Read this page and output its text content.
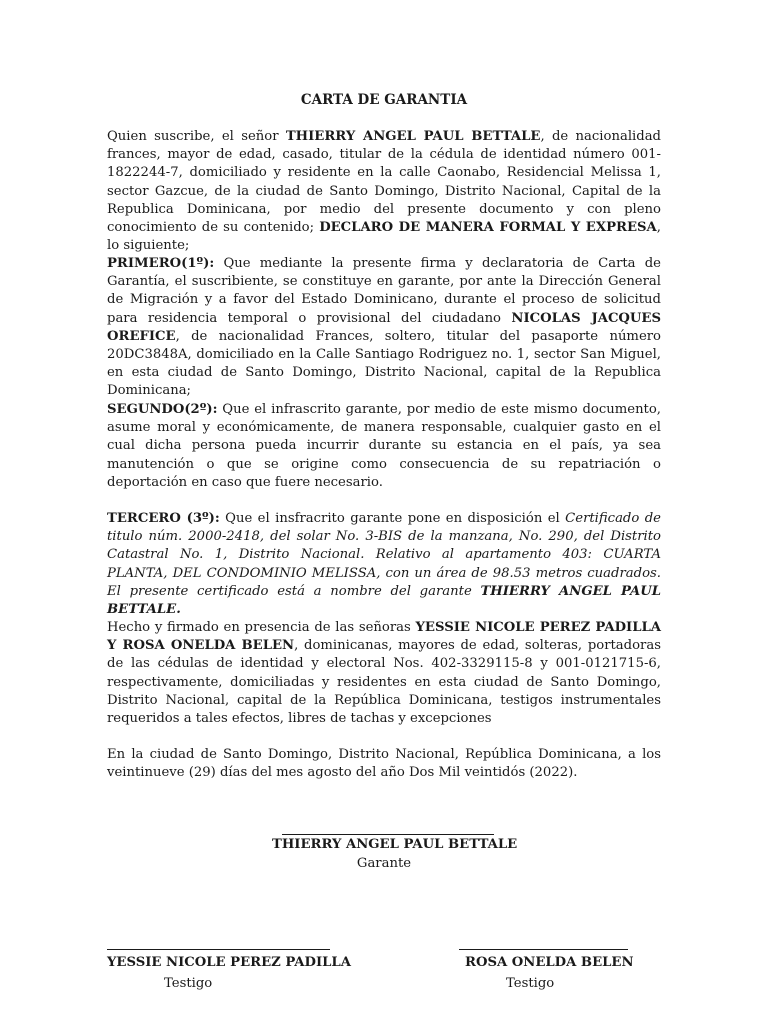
CARTA DE GARANTIA

Quien suscribe, el señor THIERRY ANGEL PAUL BETTALE, de nacionalidad frances, mayor de edad, casado, titular de la cédula de identidad número 001-1822244-7, domiciliado y residente en la calle Caonabo, Residencial Melissa 1, sector Gazcue, de la ciudad de Santo Domingo, Distrito Nacional, Capital de la Republica Dominicana, por medio del presente documento y con pleno conocimiento de su contenido; DECLARO DE MANERA FORMAL Y EXPRESA, lo siguiente;

PRIMERO(1º): Que mediante la presente firma y declaratoria de Carta de Garantía, el suscribiente, se constituye en garante, por ante la Dirección General de Migración y a favor del Estado Dominicano, durante el proceso de solicitud para residencia temporal o provisional del ciudadano NICOLAS JACQUES OREFICE, de nacionalidad Frances, soltero, titular del pasaporte número 20DC3848A, domiciliado en la Calle Santiago Rodriguez no. 1, sector San Miguel, en esta ciudad de Santo Domingo, Distrito Nacional, capital de la Republica Dominicana;

SEGUNDO(2º): Que el infrascrito garante, por medio de este mismo documento, asume moral y económicamente, de manera responsable, cualquier gasto en el cual dicha persona pueda incurrir durante su estancia en el país, ya sea manutención o que se origine como consecuencia de su repatriación o deportación en caso que fuere necesario.

TERCERO (3º): Que el insfracrito garante pone en disposición el Certificado de titulo núm. 2000-2418, del solar No. 3-BIS de la manzana, No. 290, del Distrito Catastral No. 1, Distrito Nacional. Relativo al apartamento 403: CUARTA PLANTA, DEL CONDOMINIO MELISSA, con un área de 98.53 metros cuadrados. El presente certificado está a nombre del garante THIERRY ANGEL PAUL BETTALE.

Hecho y firmado en presencia de las señoras YESSIE NICOLE PEREZ PADILLA Y ROSA ONELDA BELEN, dominicanas, mayores de edad, solteras, portadoras de las cédulas de identidad y electoral Nos. 402-3329115-8 y 001-0121715-6, respectivamente, domiciliadas y residentes en esta ciudad de Santo Domingo, Distrito Nacional, capital de la República Dominicana, testigos instrumentales requeridos a tales efectos, libres de tachas y excepciones

En la ciudad de Santo Domingo, Distrito Nacional, República Dominicana, a los veintinueve (29) días del mes agosto del año Dos Mil veintidós (2022).

THIERRY ANGEL PAUL BETTALE
Garante
YESSIE NICOLE PEREZ PADILLA
Testigo
ROSA ONELDA BELEN
Testigo
